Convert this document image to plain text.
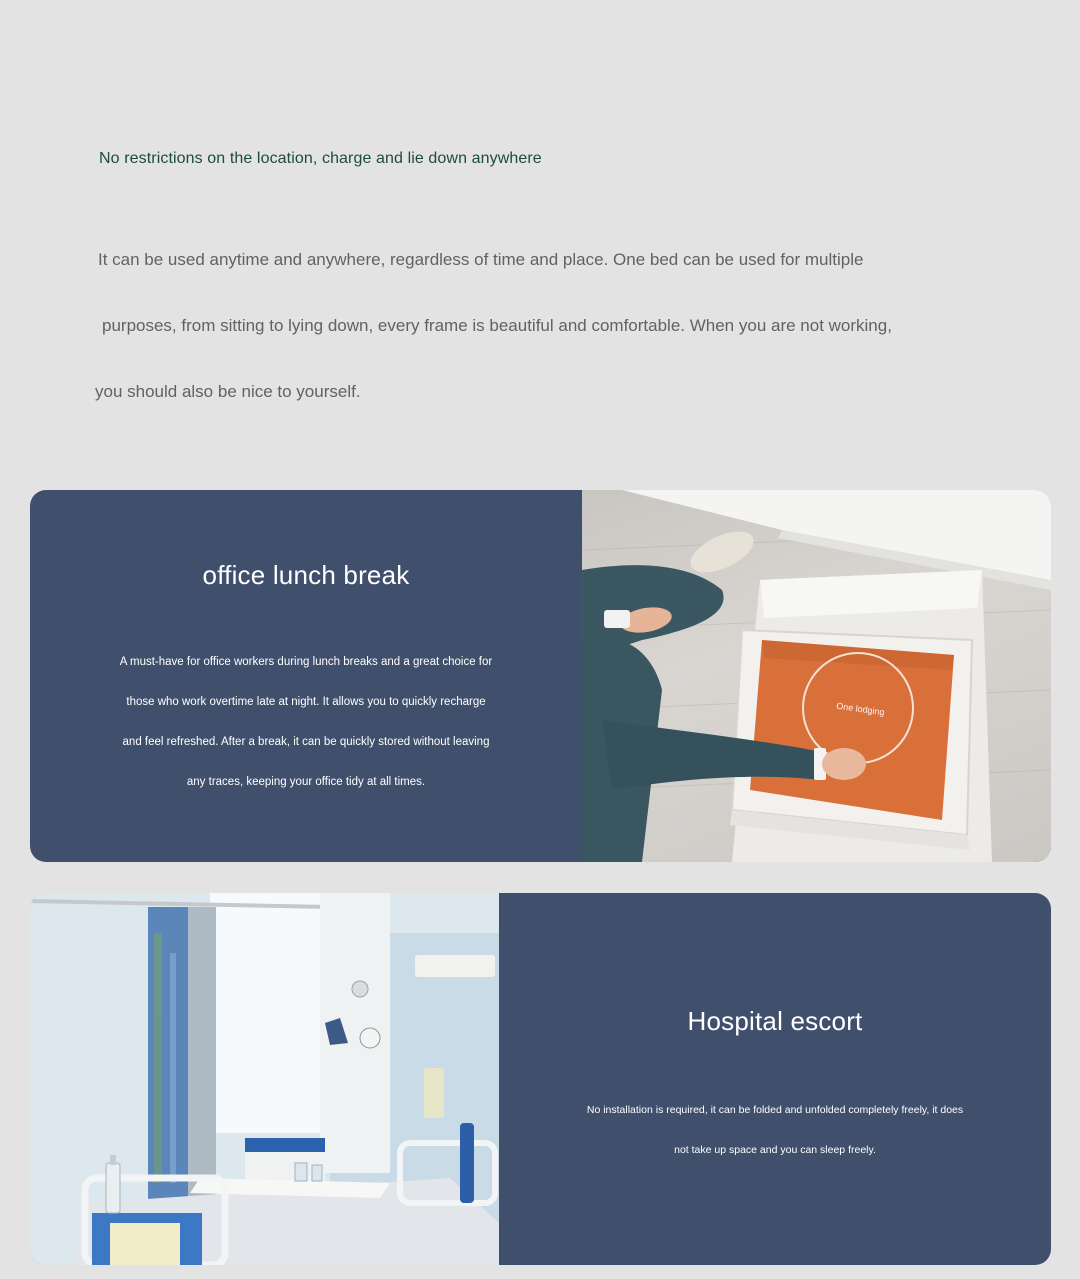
No restrictions on the location, charge and lie down anywhere
It can be used anytime and anywhere, regardless of time and place. One bed can be used for multiple
purposes, from sitting to lying down, every frame is beautiful and comfortable. When you are not working,
you should also be nice to yourself.
office lunch break
A must-have for office workers during lunch breaks and a great choice for
those who work overtime late at night. It allows you to quickly recharge
and feel refreshed. After a break, it can be quickly stored without leaving
any traces, keeping your office tidy at all times.
One lodging
Hospital escort
No installation is required, it can be folded and unfolded completely freely, it does
not take up space and you can sleep freely.
